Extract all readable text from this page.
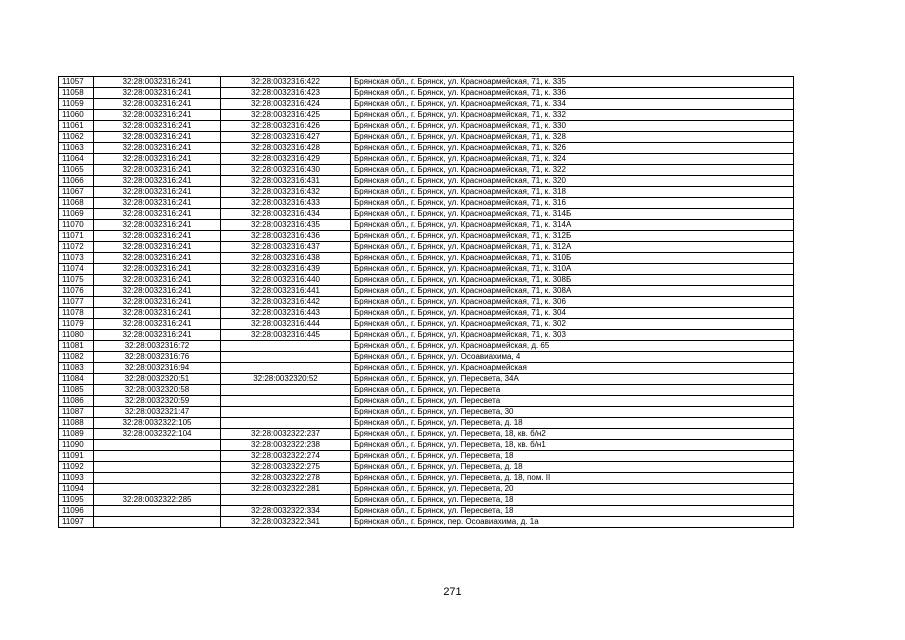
11057	32:28:0032316:241	32:28:0032316:422	Брянская обл., г. Брянск, ул. Красноармейская, 71, к. 335
11058	32:28:0032316:241	32:28:0032316:423	Брянская обл., г. Брянск, ул. Красноармейская, 71, к. 336
11059	32:28:0032316:241	32:28:0032316:424	Брянская обл., г. Брянск, ул. Красноармейская, 71, к. 334
11060	32:28:0032316:241	32:28:0032316:425	Брянская обл., г. Брянск, ул. Красноармейская, 71, к. 332
11061	32:28:0032316:241	32:28:0032316:426	Брянская обл., г. Брянск, ул. Красноармейская, 71, к. 330
11062	32:28:0032316:241	32:28:0032316:427	Брянская обл., г. Брянск, ул. Красноармейская, 71, к. 328
11063	32:28:0032316:241	32:28:0032316:428	Брянская обл., г. Брянск, ул. Красноармейская, 71, к. 326
11064	32:28:0032316:241	32:28:0032316:429	Брянская обл., г. Брянск, ул. Красноармейская, 71, к. 324
11065	32:28:0032316:241	32:28:0032316:430	Брянская обл., г. Брянск, ул. Красноармейская, 71, к. 322
11066	32:28:0032316:241	32:28:0032316:431	Брянская обл., г. Брянск, ул. Красноармейская, 71, к. 320
11067	32:28:0032316:241	32:28:0032316:432	Брянская обл., г. Брянск, ул. Красноармейская, 71, к. 318
11068	32:28:0032316:241	32:28:0032316:433	Брянская обл., г. Брянск, ул. Красноармейская, 71, к. 316
11069	32:28:0032316:241	32:28:0032316:434	Брянская обл., г. Брянск, ул. Красноармейская, 71, к. 314Б
11070	32:28:0032316:241	32:28:0032316:435	Брянская обл., г. Брянск, ул. Красноармейская, 71, к. 314А
11071	32:28:0032316:241	32:28:0032316:436	Брянская обл., г. Брянск, ул. Красноармейская, 71, к. 312Б
11072	32:28:0032316:241	32:28:0032316:437	Брянская обл., г. Брянск, ул. Красноармейская, 71, к. 312А
11073	32:28:0032316:241	32:28:0032316:438	Брянская обл., г. Брянск, ул. Красноармейская, 71, к. 310Б
11074	32:28:0032316:241	32:28:0032316:439	Брянская обл., г. Брянск, ул. Красноармейская, 71, к. 310А
11075	32:28:0032316:241	32:28:0032316:440	Брянская обл., г. Брянск, ул. Красноармейская, 71, к. 308Б
11076	32:28:0032316:241	32:28:0032316:441	Брянская обл., г. Брянск, ул. Красноармейская, 71, к. 308А
11077	32:28:0032316:241	32:28:0032316:442	Брянская обл., г. Брянск, ул. Красноармейская, 71, к. 306
11078	32:28:0032316:241	32:28:0032316:443	Брянская обл., г. Брянск, ул. Красноармейская, 71, к. 304
11079	32:28:0032316:241	32:28:0032316:444	Брянская обл., г. Брянск, ул. Красноармейская, 71, к. 302
11080	32:28:0032316:241	32:28:0032316:445	Брянская обл., г. Брянск, ул. Красноармейская, 71, к. 303
11081	32:28:0032316:72		Брянская обл., г. Брянск, ул. Красноармейская, д. 65
11082	32:28:0032316:76		Брянская обл., г. Брянск, ул. Осоавиахима, 4
11083	32:28:0032316:94		Брянская обл., г. Брянск, ул. Красноармейская
11084	32:28:0032320:51	32:28:0032320:52	Брянская обл., г. Брянск, ул. Пересвета, 34А
11085	32:28:0032320:58		Брянская обл., г. Брянск, ул. Пересвета
11086	32:28:0032320:59		Брянская обл., г. Брянск, ул. Пересвета
11087	32:28:0032321:47		Брянская обл., г. Брянск, ул. Пересвета, 30
11088	32:28:0032322:105		Брянская обл., г. Брянск, ул. Пересвета, д. 18
11089	32:28:0032322:104	32:28:0032322:237	Брянская обл., г. Брянск, ул. Пересвета, 18, кв. б/н2
11090		32:28:0032322:238	Брянская обл., г. Брянск, ул. Пересвета, 18, кв. б/н1
11091		32:28:0032322:274	Брянская обл., г. Брянск, ул. Пересвета, 18
11092		32:28:0032322:275	Брянская обл., г. Брянск, ул. Пересвета, д. 18
11093		32:28:0032322:278	Брянская обл., г. Брянск, ул. Пересвета, д. 18, пом. II
11094		32:28:0032322:281	Брянская обл., г. Брянск, ул. Пересвета, 20
11095	32:28:0032322:285		Брянская обл., г. Брянск, ул. Пересвета, 18
11096		32:28:0032322:334	Брянская обл., г. Брянск, ул. Пересвета, 18
11097		32:28:0032322:341	Брянская обл., г. Брянск, пер. Осоавиахима, д. 1а
271
